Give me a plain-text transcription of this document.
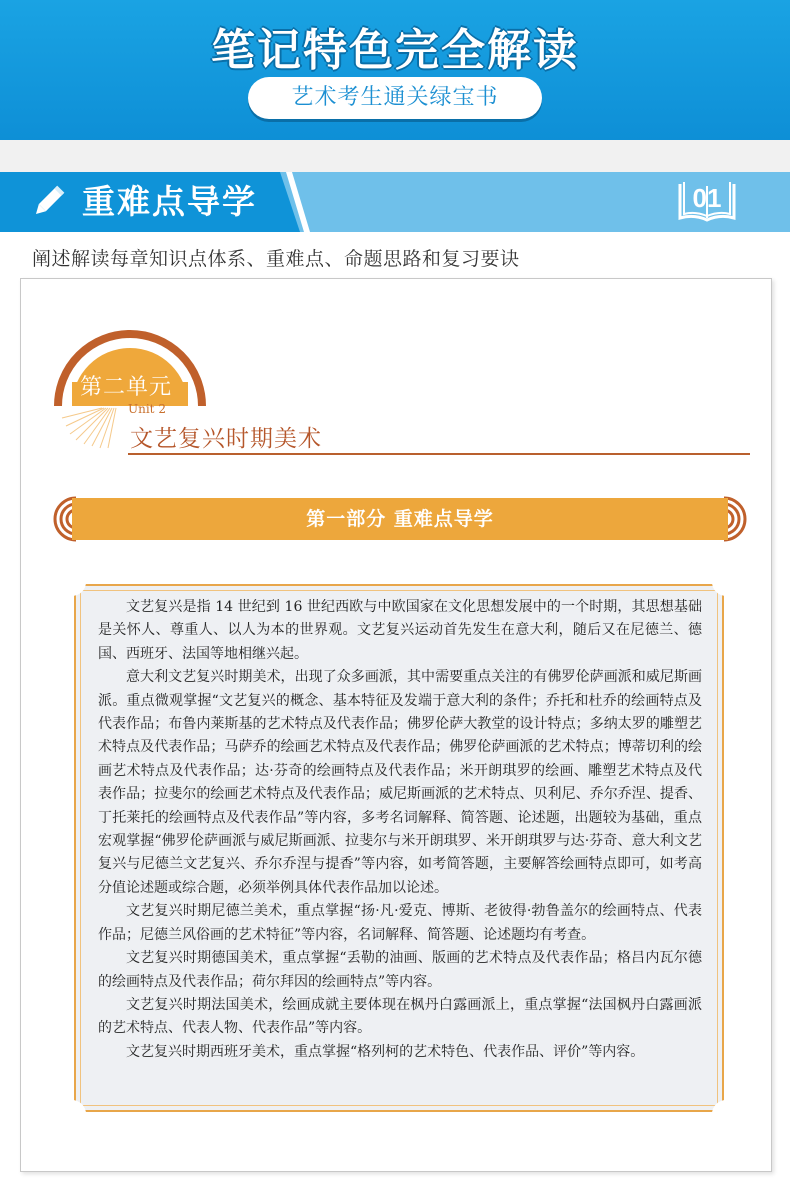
笔记特色完全解读
艺术考生通关绿宝书
重难点导学	01
阐述解读每章知识点体系、重难点、命题思路和复习要诀
第二单元
Unit 2
文艺复兴时期美术
第一部分 重难点导学

文艺复兴是指 14 世纪到 16 世纪西欧与中欧国家在文化思想发展中的一个时期，其思想基础是关怀人、尊重人、以人为本的世界观。文艺复兴运动首先发生在意大利，随后又在尼德兰、德国、西班牙、法国等地相继兴起。

意大利文艺复兴时期美术，出现了众多画派，其中需要重点关注的有佛罗伦萨画派和威尼斯画派。重点微观掌握“文艺复兴的概念、基本特征及发端于意大利的条件；乔托和杜乔的绘画特点及代表作品；布鲁内莱斯基的艺术特点及代表作品；佛罗伦萨大教堂的设计特点；多纳太罗的雕塑艺术特点及代表作品；马萨乔的绘画艺术特点及代表作品；佛罗伦萨画派的艺术特点；博蒂切利的绘画艺术特点及代表作品；达·芬奇的绘画特点及代表作品；米开朗琪罗的绘画、雕塑艺术特点及代表作品；拉斐尔的绘画艺术特点及代表作品；威尼斯画派的艺术特点、贝利尼、乔尔乔涅、提香、丁托莱托的绘画特点及代表作品”等内容，多考名词解释、简答题、论述题，出题较为基础，重点宏观掌握“佛罗伦萨画派与威尼斯画派、拉斐尔与米开朗琪罗、米开朗琪罗与达·芬奇、意大利文艺复兴与尼德兰文艺复兴、乔尔乔涅与提香”等内容，如考简答题，主要解答绘画特点即可，如考高分值论述题或综合题，必须举例具体代表作品加以论述。

文艺复兴时期尼德兰美术，重点掌握“扬·凡·爱克、博斯、老彼得·勃鲁盖尔的绘画特点、代表作品；尼德兰风俗画的艺术特征”等内容，名词解释、简答题、论述题均有考查。

文艺复兴时期德国美术，重点掌握“丢勒的油画、版画的艺术特点及代表作品；格吕内瓦尔德的绘画特点及代表作品；荷尔拜因的绘画特点”等内容。

文艺复兴时期法国美术，绘画成就主要体现在枫丹白露画派上，重点掌握“法国枫丹白露画派的艺术特点、代表人物、代表作品”等内容。

文艺复兴时期西班牙美术，重点掌握“格列柯的艺术特色、代表作品、评价”等内容。
